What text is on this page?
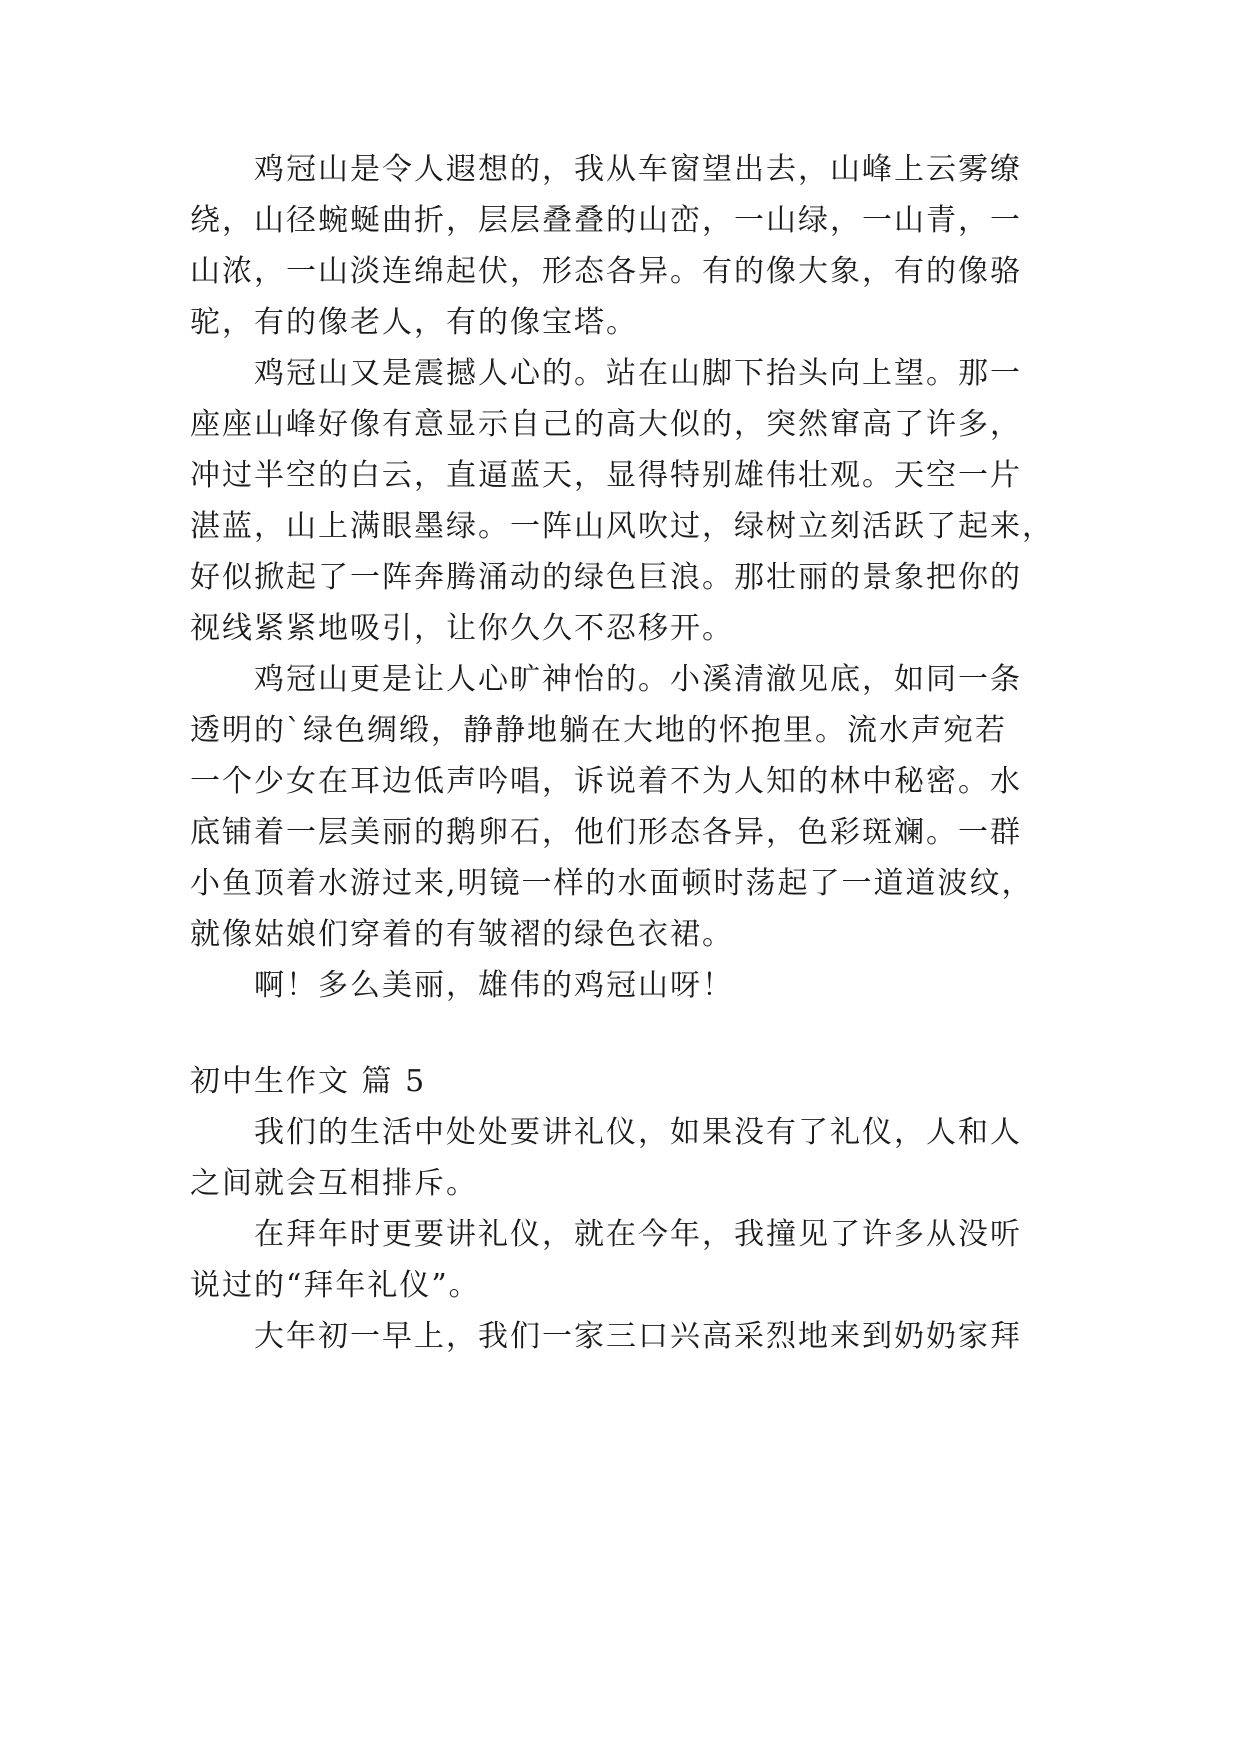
鸡冠山是令人遐想的，我从车窗望出去，山峰上云雾缭
绕，山径蜿蜒曲折，层层叠叠的山峦，一山绿，一山青，一
山浓，一山淡连绵起伏，形态各异。有的像大象，有的像骆
驼，有的像老人，有的像宝塔。
鸡冠山又是震撼人心的。站在山脚下抬头向上望。那一
座座山峰好像有意显示自己的高大似的，突然窜高了许多，
冲过半空的白云，直逼蓝天，显得特别雄伟壮观。天空一片
湛蓝，山上满眼墨绿。一阵山风吹过，绿树立刻活跃了起来，
好似掀起了一阵奔腾涌动的绿色巨浪。那壮丽的景象把你的
视线紧紧地吸引，让你久久不忍移开。
鸡冠山更是让人心旷神怡的。小溪清澈见底，如同一条
透明的`绿色绸缎，静静地躺在大地的怀抱里。流水声宛若
一个少女在耳边低声吟唱，诉说着不为人知的林中秘密。水
底铺着一层美丽的鹅卵石，他们形态各异，色彩斑斓。一群
小鱼顶着水游过来,明镜一样的水面顿时荡起了一道道波纹，
就像姑娘们穿着的有皱褶的绿色衣裙。
啊！多么美丽，雄伟的鸡冠山呀！
初中生作文 篇 5
我们的生活中处处要讲礼仪，如果没有了礼仪，人和人
之间就会互相排斥。
在拜年时更要讲礼仪，就在今年，我撞见了许多从没听
说过的“拜年礼仪”。
大年初一早上，我们一家三口兴高采烈地来到奶奶家拜
